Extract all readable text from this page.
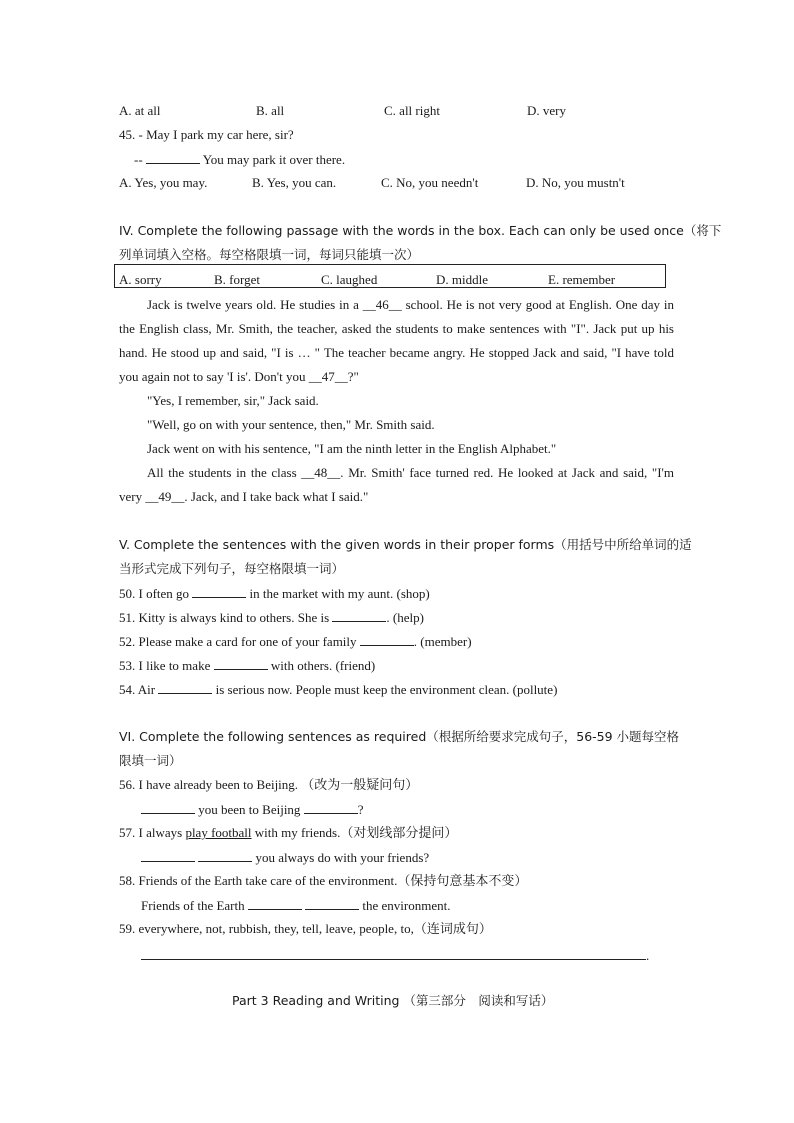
A. at all	B. all	C. all right	D. very
45. - May I park my car here, sir?
--	You may park it over there.
A. Yes, you may.	B. Yes, you can.	C. No, you needn't	D. No, you mustn't
IV. Complete the following passage with the words in the box. Each can only be used once（将下
列单词填入空格。每空格限填一词，每词只能填一次）
A. sorry	B. forget	C. laughed	D. middle	E. remember

Jack is twelve years old. He studies in a __46__ school. He is not very good at English. One day in the English class, Mr. Smith, the teacher, asked the students to make sentences with "I". Jack put up his hand. He stood up and said, "I is … " The teacher became angry. He stopped Jack and said, "I have told you again not to say 'I is'. Don't you __47__?"

"Yes, I remember, sir," Jack said.

"Well, go on with your sentence, then," Mr. Smith said.

Jack went on with his sentence, "I am the ninth letter in the English Alphabet."

All the students in the class __48__. Mr. Smith' face turned red. He looked at Jack and said, "I'm very __49__. Jack, and I take back what I said."

V. Complete the sentences with the given words in their proper forms（用括号中所给单词的适
当形式完成下列句子，每空格限填一词）
50. I often go	in the market with my aunt. (shop)
51. Kitty is always kind to others. She is	. (help)
52. Please make a card for one of your family	. (member)
53. I like to make	with others. (friend)
54. Air	is serious now. People must keep the environment clean. (pollute)
VI. Complete the following sentences as required（根据所给要求完成句子，56-59 小题每空格
限填一词）
56. I have already been to Beijing. （改为一般疑问句）
you been to Beijing	?
57. I always play football with my friends.（对划线部分提问）
you always do with your friends?
58. Friends of the Earth take care of the environment.（保持句意基本不变）
Friends of the Earth	the environment.
59. everywhere, not, rubbish, they, tell, leave, people, to,（连词成句）
.
Part 3 Reading and Writing （第三部分　阅读和写话）
